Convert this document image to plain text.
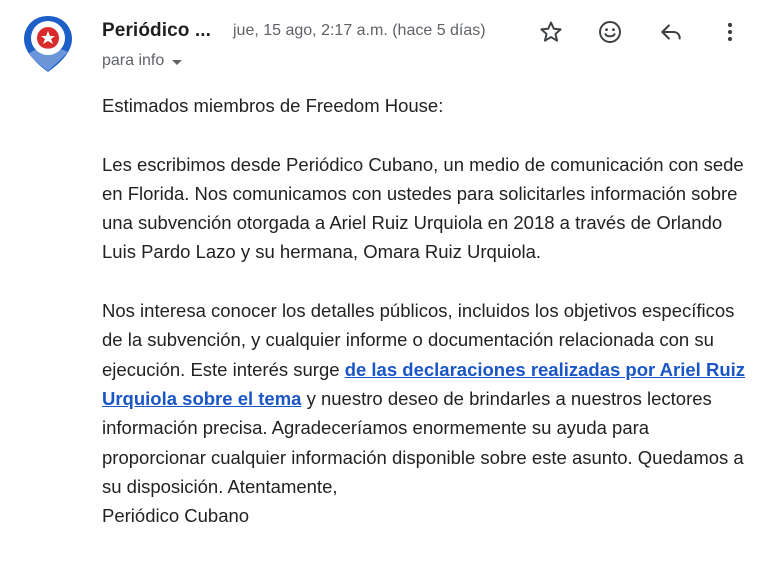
Periódico ... jue, 15 ago, 2:17 a.m. (hace 5 días)
para info

Estimados miembros de Freedom House:

Les escribimos desde Periódico Cubano, un medio de comunicación con sede en Florida. Nos comunicamos con ustedes para solicitarles información sobre una subvención otorgada a Ariel Ruiz Urquiola en 2018 a través de Orlando Luis Pardo Lazo y su hermana, Omara Ruiz Urquiola.

Nos interesa conocer los detalles públicos, incluidos los objetivos específicos de la subvención, y cualquier informe o documentación relacionada con su ejecución. Este interés surge de las declaraciones realizadas por Ariel Ruiz Urquiola sobre el tema y nuestro deseo de brindarles a nuestros lectores información precisa. Agradeceríamos enormemente su ayuda para proporcionar cualquier información disponible sobre este asunto. Quedamos a su disposición. Atentamente,
Periódico Cubano
